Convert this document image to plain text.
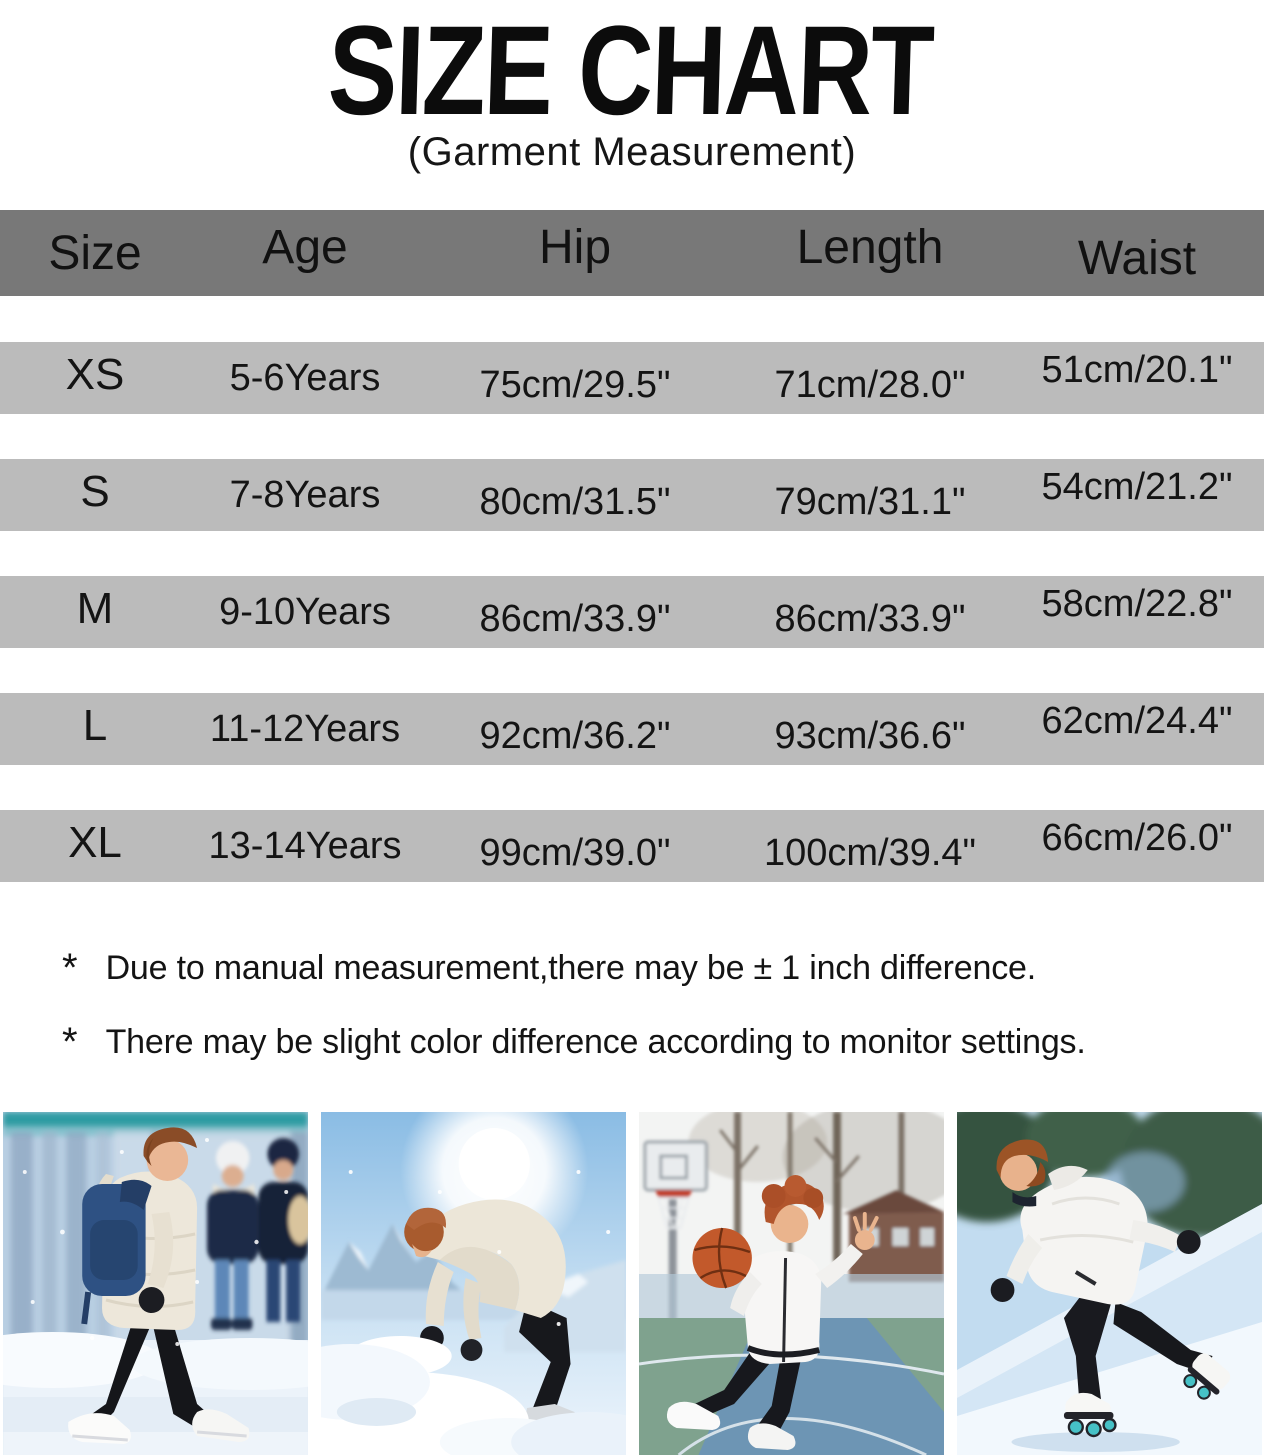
SIZE CHART
(Garment Measurement)
Size	Age	Hip	Length	Waist
XS	5-6Years	75cm/29.5"	71cm/28.0"	51cm/20.1"
S	7-8Years	80cm/31.5"	79cm/31.1"	54cm/21.2"
M	9-10Years	86cm/33.9"	86cm/33.9"	58cm/22.8"
L	11-12Years	92cm/36.2"	93cm/36.6"	62cm/24.4"
XL	13-14Years	99cm/39.0"	100cm/39.4"	66cm/26.0"
* Due to manual measurement,there may be ± 1 inch difference.
* There may be slight color difference according to monitor settings.
